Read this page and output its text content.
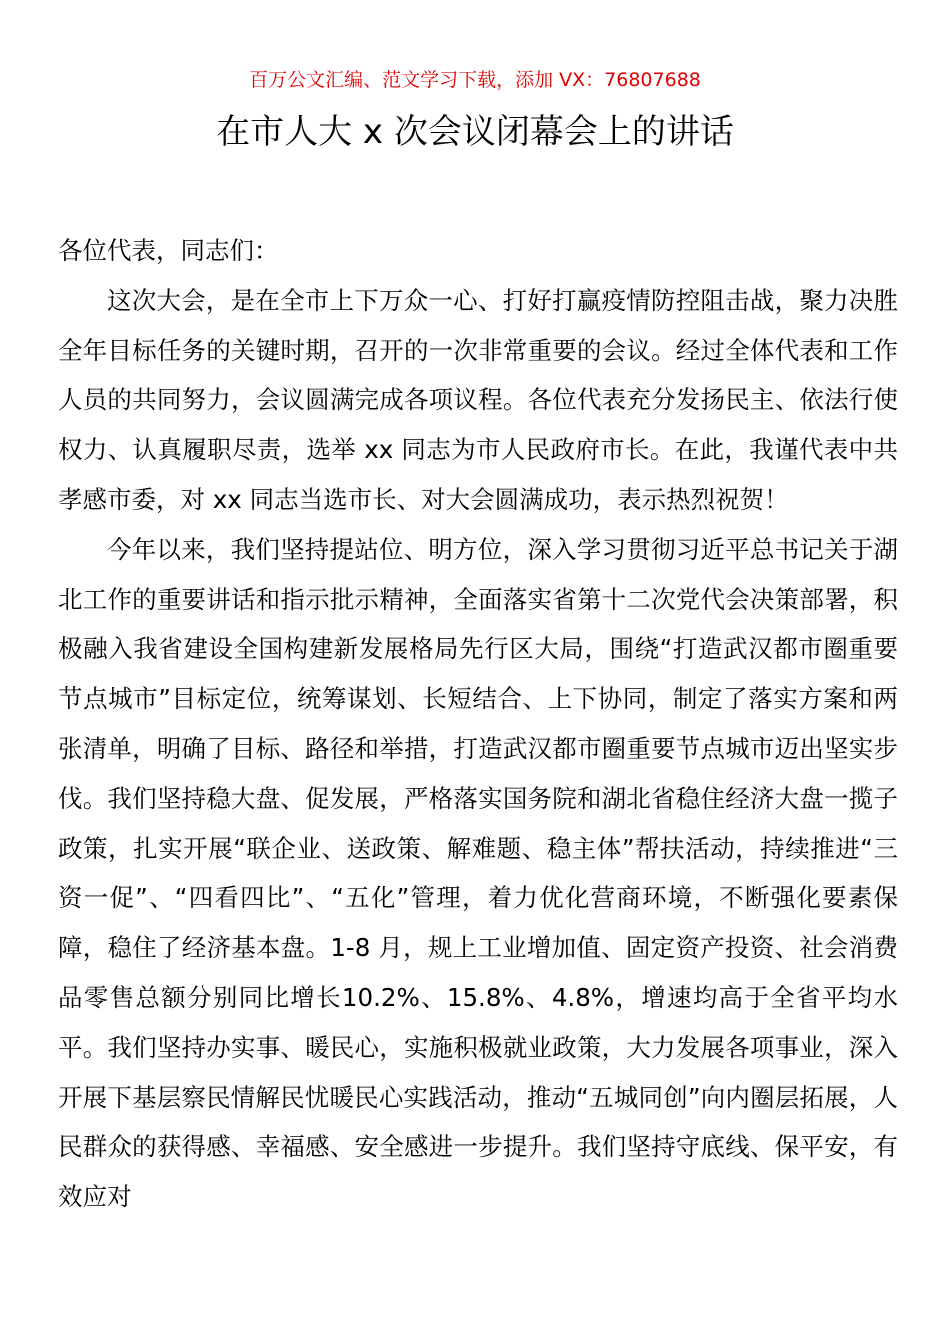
百万公文汇编、范文学习下载，添加 VX：76807688
在市人大 x 次会议闭幕会上的讲话

各位代表，同志们：

这次大会，是在全市上下万众一心、打好打赢疫情防控阻击战，聚力决胜全年目标任务的关键时期，召开的一次非常重要的会议。经过全体代表和工作人员的共同努力，会议圆满完成各项议程。各位代表充分发扬民主、依法行使权力、认真履职尽责，选举 xx 同志为市人民政府市长。在此，我谨代表中共孝感市委，对 xx 同志当选市长、对大会圆满成功，表示热烈祝贺！

今年以来，我们坚持提站位、明方位，深入学习贯彻习近平总书记关于湖北工作的重要讲话和指示批示精神，全面落实省第十二次党代会决策部署，积极融入我省建设全国构建新发展格局先行区大局，围绕“打造武汉都市圈重要节点城市”目标定位，统筹谋划、长短结合、上下协同，制定了落实方案和两张清单，明确了目标、路径和举措，打造武汉都市圈重要节点城市迈出坚实步伐。我们坚持稳大盘、促发展，严格落实国务院和湖北省稳住经济大盘一揽子政策，扎实开展“联企业、送政策、解难题、稳主体”帮扶活动，持续推进“三资一促”、“四看四比”、“五化”管理，着力优化营商环境，不断强化要素保障，稳住了经济基本盘。1-8 月，规上工业增加值、固定资产投资、社会消费品零售总额分别同比增长10.2%、15.8%、4.8%，增速均高于全省平均水平。我们坚持办实事、暖民心，实施积极就业政策，大力发展各项事业，深入开展下基层察民情解民忧暖民心实践活动，推动“五城同创”向内圈层拓展，人民群众的获得感、幸福感、安全感进一步提升。我们坚持守底线、保平安，有效应对
